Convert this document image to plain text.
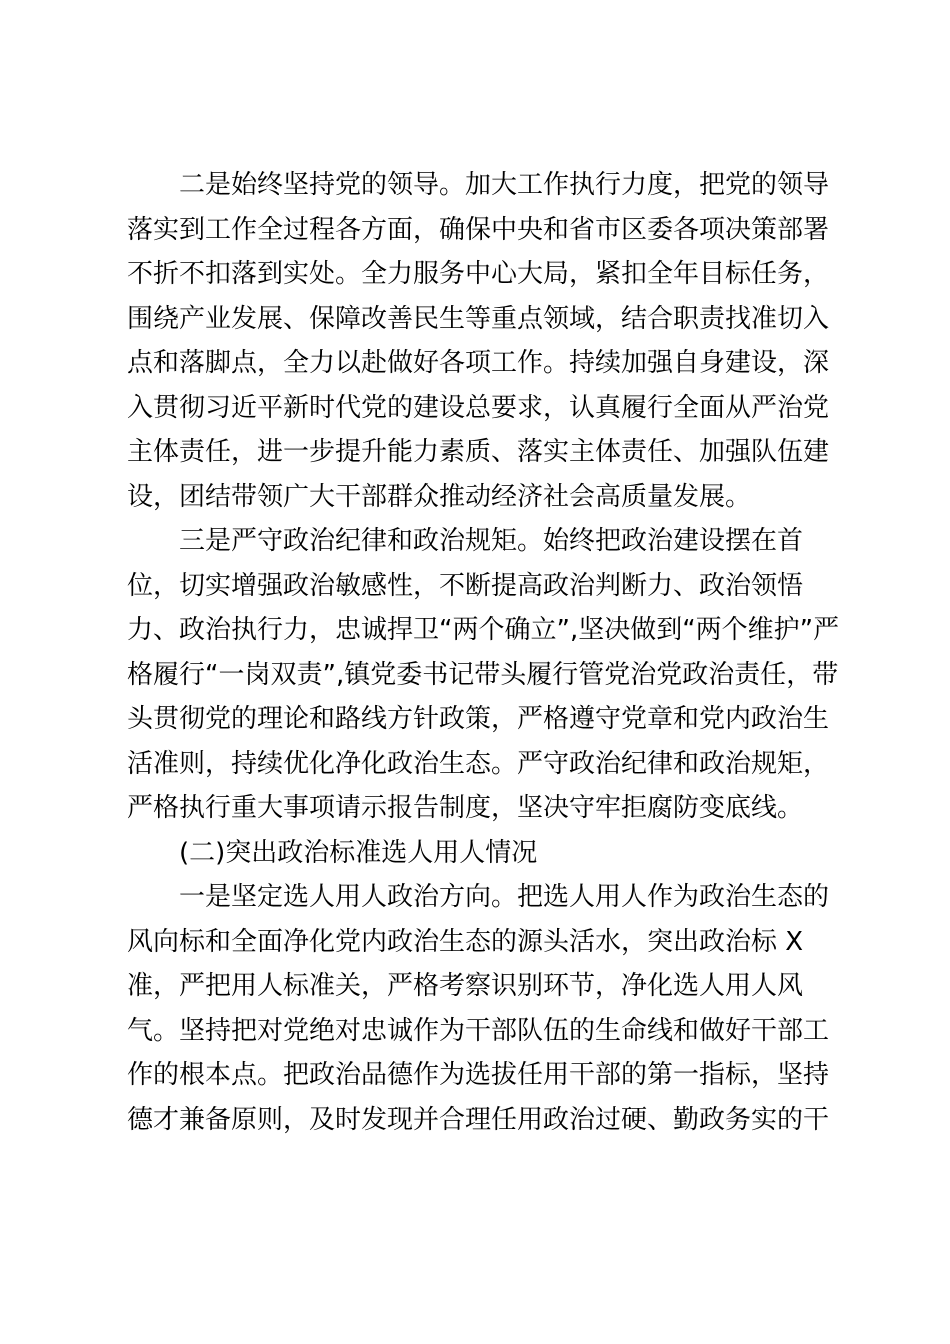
二是始终坚持党的领导。加大工作执行力度，把党的领导
落实到工作全过程各方面，确保中央和省市区委各项决策部署
不折不扣落到实处。全力服务中心大局，紧扣全年目标任务，
围绕产业发展、保障改善民生等重点领域，结合职责找准切入
点和落脚点，全力以赴做好各项工作。持续加强自身建设，深
入贯彻习近平新时代党的建设总要求，认真履行全面从严治党
主体责任，进一步提升能力素质、落实主体责任、加强队伍建
设，团结带领广大干部群众推动经济社会高质量发展。

三是严守政治纪律和政治规矩。始终把政治建设摆在首
位，切实增强政治敏感性，不断提高政治判断力、政治领悟
力、政治执行力，忠诚捍卫“两个确立”,坚决做到“两个维护”严
格履行“一岗双责”,镇党委书记带头履行管党治党政治责任，带
头贯彻党的理论和路线方针政策，严格遵守党章和党内政治生
活准则，持续优化净化政治生态。严守政治纪律和政治规矩，
严格执行重大事项请示报告制度，坚决守牢拒腐防变底线。

(二)突出政治标准选人用人情况

一是坚定选人用人政治方向。把选人用人作为政治生态的
风向标和全面净化党内政治生态的源头活水，突出政治标 X
准，严把用人标准关，严格考察识别环节，净化选人用人风
气。坚持把对党绝对忠诚作为干部队伍的生命线和做好干部工
作的根本点。把政治品德作为选拔任用干部的第一指标，坚持
德才兼备原则，及时发现并合理任用政治过硬、勤政务实的干
